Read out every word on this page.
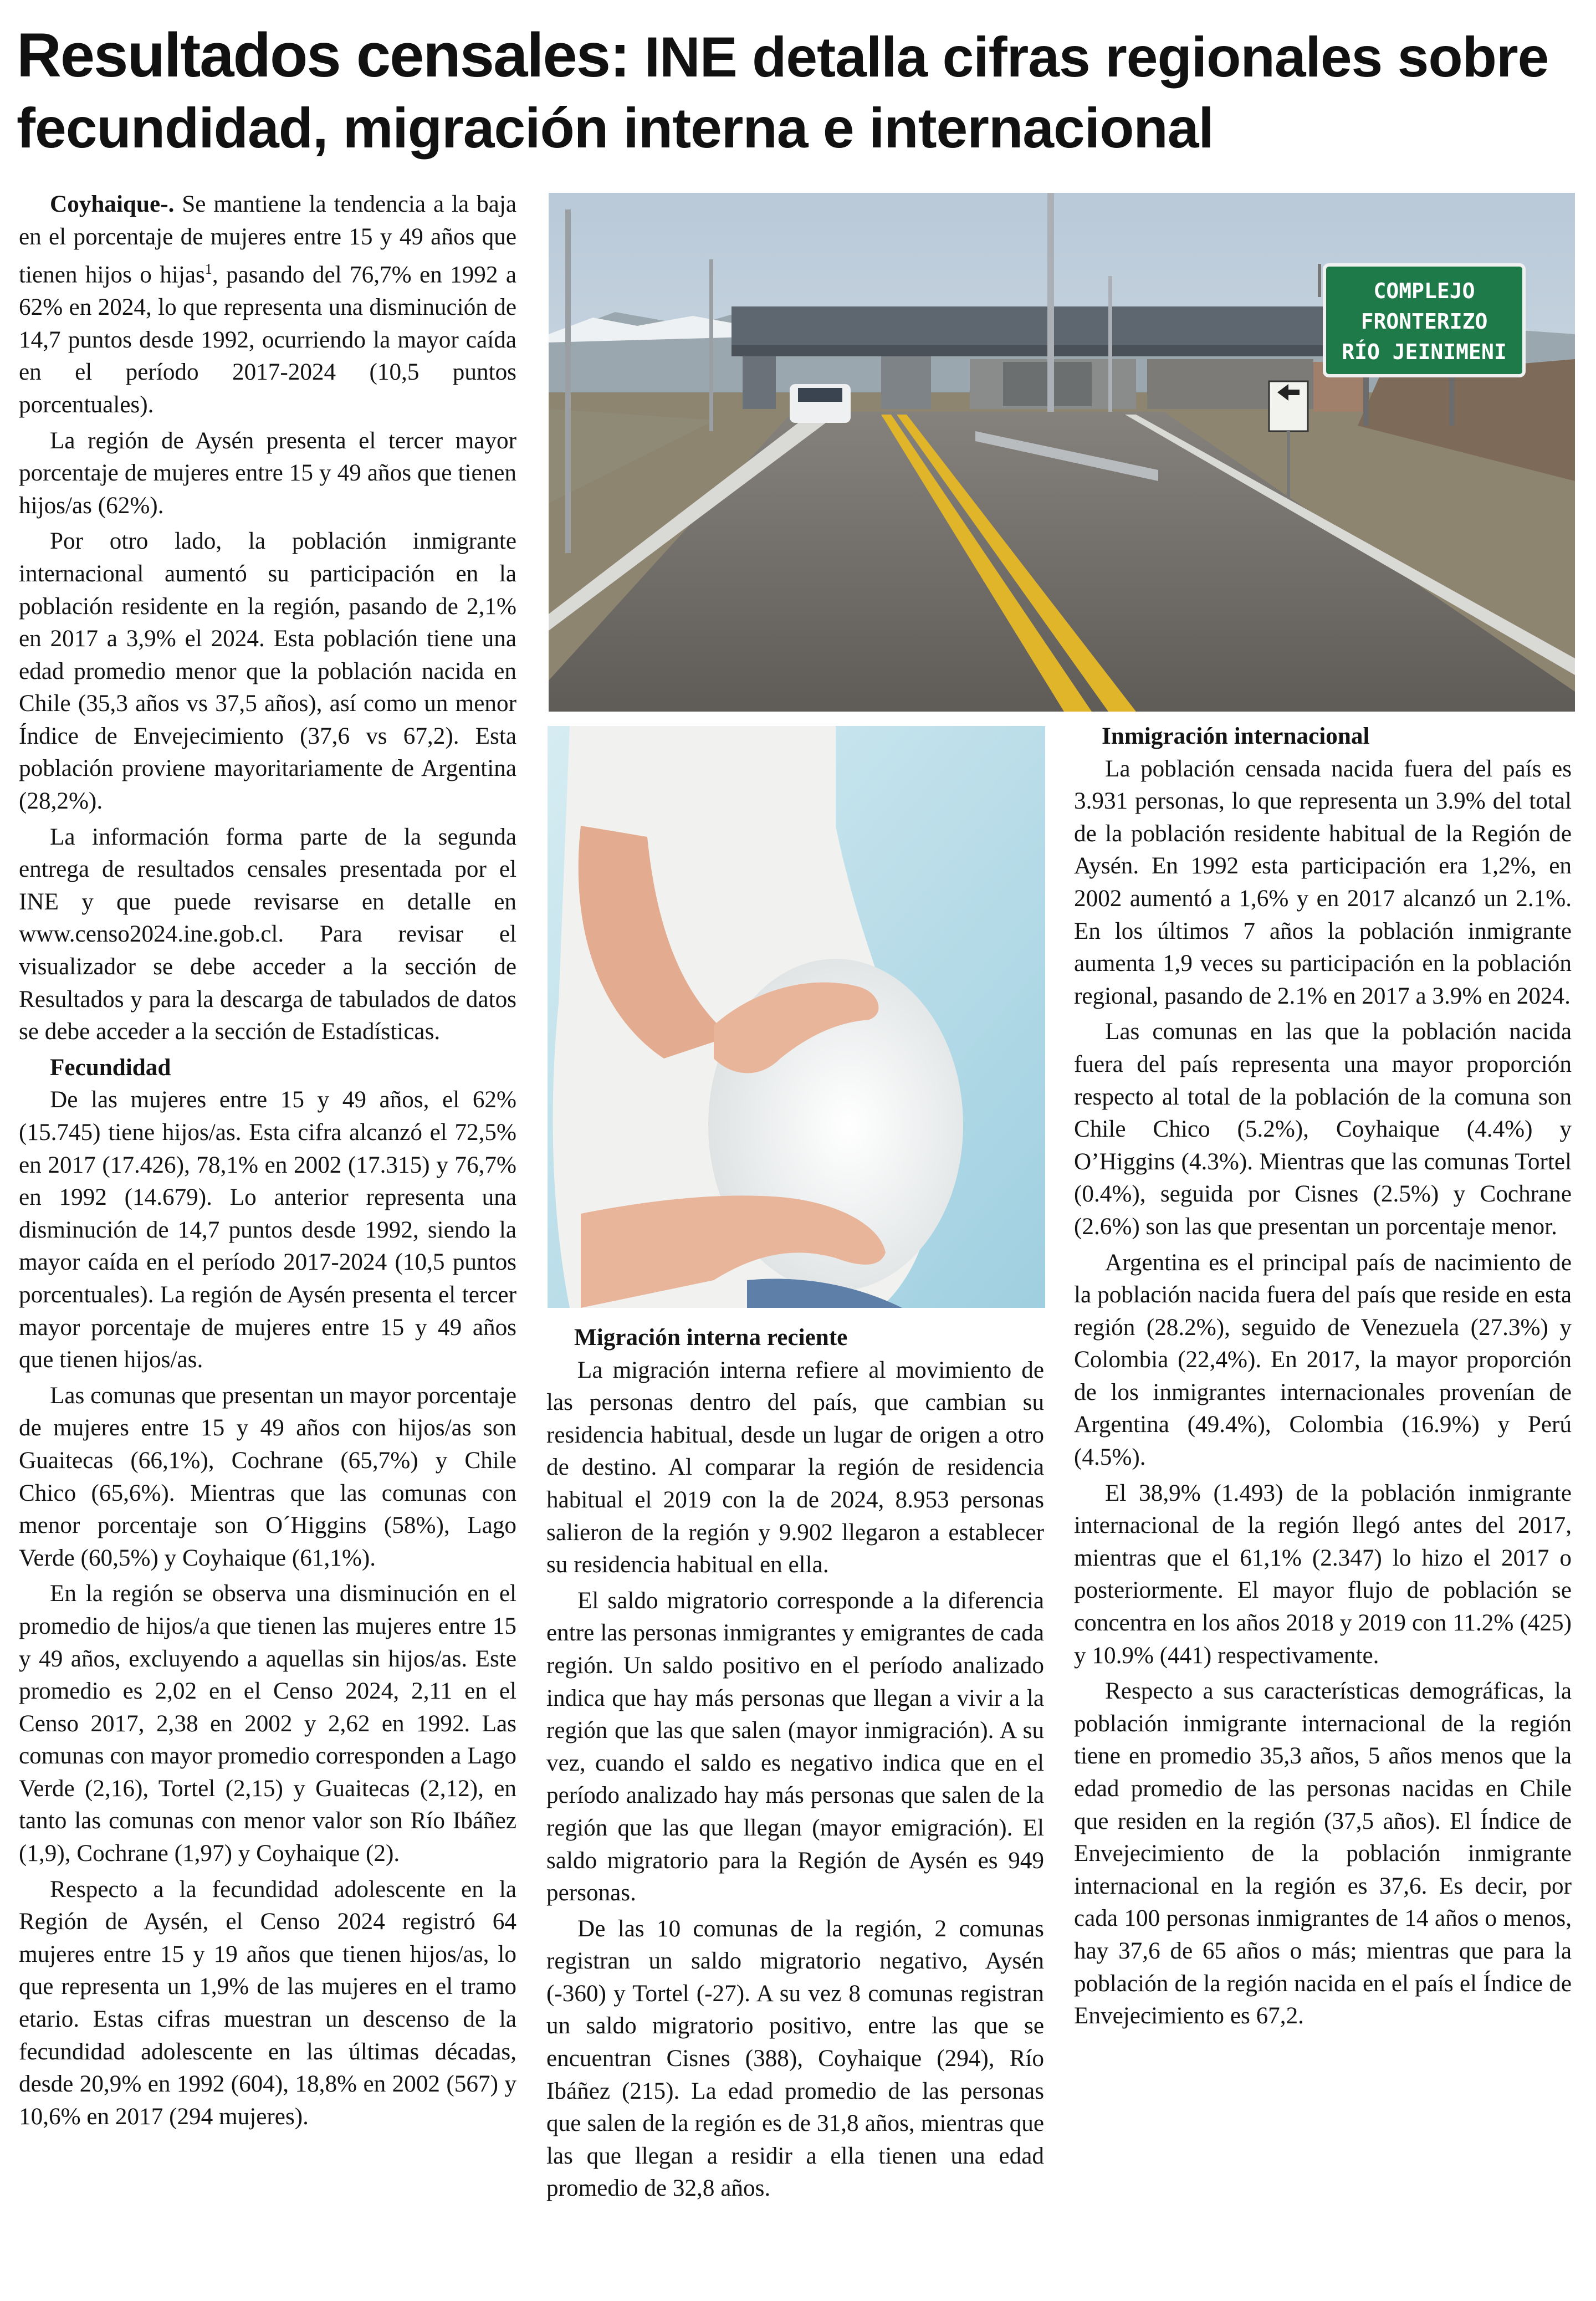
Resultados censales: INE detalla cifras regionales sobre fecundidad, migración interna e internacional
COMPLEJO
FRONTERIZO
RÍO JEINIMENI

Coyhaique-. Se mantiene la tendencia a la baja en el porcentaje de mujeres entre 15 y 49 años que tienen hijos o hijas$^1$, pasando del 76,7% en 1992 a 62% en 2024, lo que representa una disminución de 14,7 puntos desde 1992, ocurriendo la mayor caída en el período 2017-2024 (10,5 puntos porcentuales).

La región de Aysén presenta el tercer mayor porcentaje de mujeres entre 15 y 49 años que tienen hijos/as (62%).

Por otro lado, la población inmigrante internacional aumentó su participación en la población residente en la región, pasando de 2,1% en 2017 a 3,9% el 2024. Esta población tiene una edad promedio menor que la población nacida en Chile (35,3 años vs 37,5 años), así como un menor Índice de Envejecimiento (37,6 vs 67,2). Esta población proviene mayoritariamente de Argentina (28,2%).

La información forma parte de la segunda entrega de resultados censales presentada por el INE y que puede revisarse en detalle en www.censo2024.ine.gob.cl. Para revisar el visualizador se debe acceder a la sección de Resultados y para la descarga de tabulados de datos se debe acceder a la sección de Estadísticas.

Fecundidad

De las mujeres entre 15 y 49 años, el 62% (15.745) tiene hijos/as. Esta cifra alcanzó el 72,5% en 2017 (17.426), 78,1% en 2002 (17.315) y 76,7% en 1992 (14.679). Lo anterior representa una disminución de 14,7 puntos desde 1992, siendo la mayor caída en el período 2017-2024 (10,5 puntos porcentuales). La región de Aysén presenta el tercer mayor porcentaje de mujeres entre 15 y 49 años que tienen hijos/as.

Las comunas que presentan un mayor porcentaje de mujeres entre 15 y 49 años con hijos/as son Guaitecas (66,1%), Cochrane (65,7%) y Chile Chico (65,6%). Mientras que las comunas con menor porcentaje son O´Higgins (58%), Lago Verde (60,5%) y Coyhaique (61,1%).

En la región se observa una disminución en el promedio de hijos/a que tienen las mujeres entre 15 y 49 años, excluyendo a aquellas sin hijos/as. Este promedio es 2,02 en el Censo 2024, 2,11 en el Censo 2017, 2,38 en 2002 y 2,62 en 1992. Las comunas con mayor promedio corresponden a Lago Verde (2,16), Tortel (2,15) y Guaitecas (2,12), en tanto las comunas con menor valor son Río Ibáñez (1,9), Cochrane (1,97) y Coyhaique (2).

Respecto a la fecundidad adolescente en la Región de Aysén, el Censo 2024 registró 64 mujeres entre 15 y 19 años que tienen hijos/as, lo que representa un 1,9% de las mujeres en el tramo etario. Estas cifras muestran un descenso de la fecundidad adolescente en las últimas décadas, desde 20,9% en 1992 (604), 18,8% en 2002 (567) y 10,6% en 2017 (294 mujeres).

Migración interna reciente

La migración interna refiere al movimiento de las personas dentro del país, que cambian su residencia habitual, desde un lugar de origen a otro de destino. Al comparar la región de residencia habitual el 2019 con la de 2024, 8.953 personas salieron de la región y 9.902 llegaron a establecer su residencia habitual en ella.

El saldo migratorio corresponde a la diferencia entre las personas inmigrantes y emigrantes de cada región. Un saldo positivo en el período analizado indica que hay más personas que llegan a vivir a la región que las que salen (mayor inmigración). A su vez, cuando el saldo es negativo indica que en el período analizado hay más personas que salen de la región que las que llegan (mayor emigración). El saldo migratorio para la Región de Aysén es 949 personas.

De las 10 comunas de la región, 2 comunas registran un saldo migratorio negativo, Aysén (-360) y Tortel (-27). A su vez 8 comunas registran un saldo migratorio positivo, entre las que se encuentran Cisnes (388), Coyhaique (294), Río Ibáñez (215). La edad promedio de las personas que salen de la región es de 31,8 años, mientras que las que llegan a residir a ella tienen una edad promedio de 32,8 años.

Inmigración internacional

La población censada nacida fuera del país es 3.931 personas, lo que representa un 3.9% del total de la población residente habitual de la Región de Aysén. En 1992 esta participación era 1,2%, en 2002 aumentó a 1,6% y en 2017 alcanzó un 2.1%. En los últimos 7 años la población inmigrante aumenta 1,9 veces su participación en la población regional, pasando de 2.1% en 2017 a 3.9% en 2024.

Las comunas en las que la población nacida fuera del país representa una mayor proporción respecto al total de la población de la comuna son Chile Chico (5.2%), Coyhaique (4.4%) y O’Higgins (4.3%). Mientras que las comunas Tortel (0.4%), seguida por Cisnes (2.5%) y Cochrane (2.6%) son las que presentan un porcentaje menor.

Argentina es el principal país de nacimiento de la población nacida fuera del país que reside en esta región (28.2%), seguido de Venezuela (27.3%) y Colombia (22,4%). En 2017, la mayor proporción de los inmigrantes internacionales provenían de Argentina (49.4%), Colombia (16.9%) y Perú (4.5%).

El 38,9% (1.493) de la población inmigrante internacional de la región llegó antes del 2017, mientras que el 61,1% (2.347) lo hizo el 2017 o posteriormente. El mayor flujo de población se concentra en los años 2018 y 2019 con 11.2% (425) y 10.9% (441) respectivamente.

Respecto a sus características demográficas, la población inmigrante internacional de la región tiene en promedio 35,3 años, 5 años menos que la edad promedio de las personas nacidas en Chile que residen en la región (37,5 años). El Índice de Envejecimiento de la población inmigrante internacional en la región es 37,6. Es decir, por cada 100 personas inmigrantes de 14 años o menos, hay 37,6 de 65 años o más; mientras que para la población de la región nacida en el país el Índice de Envejecimiento es 67,2.
